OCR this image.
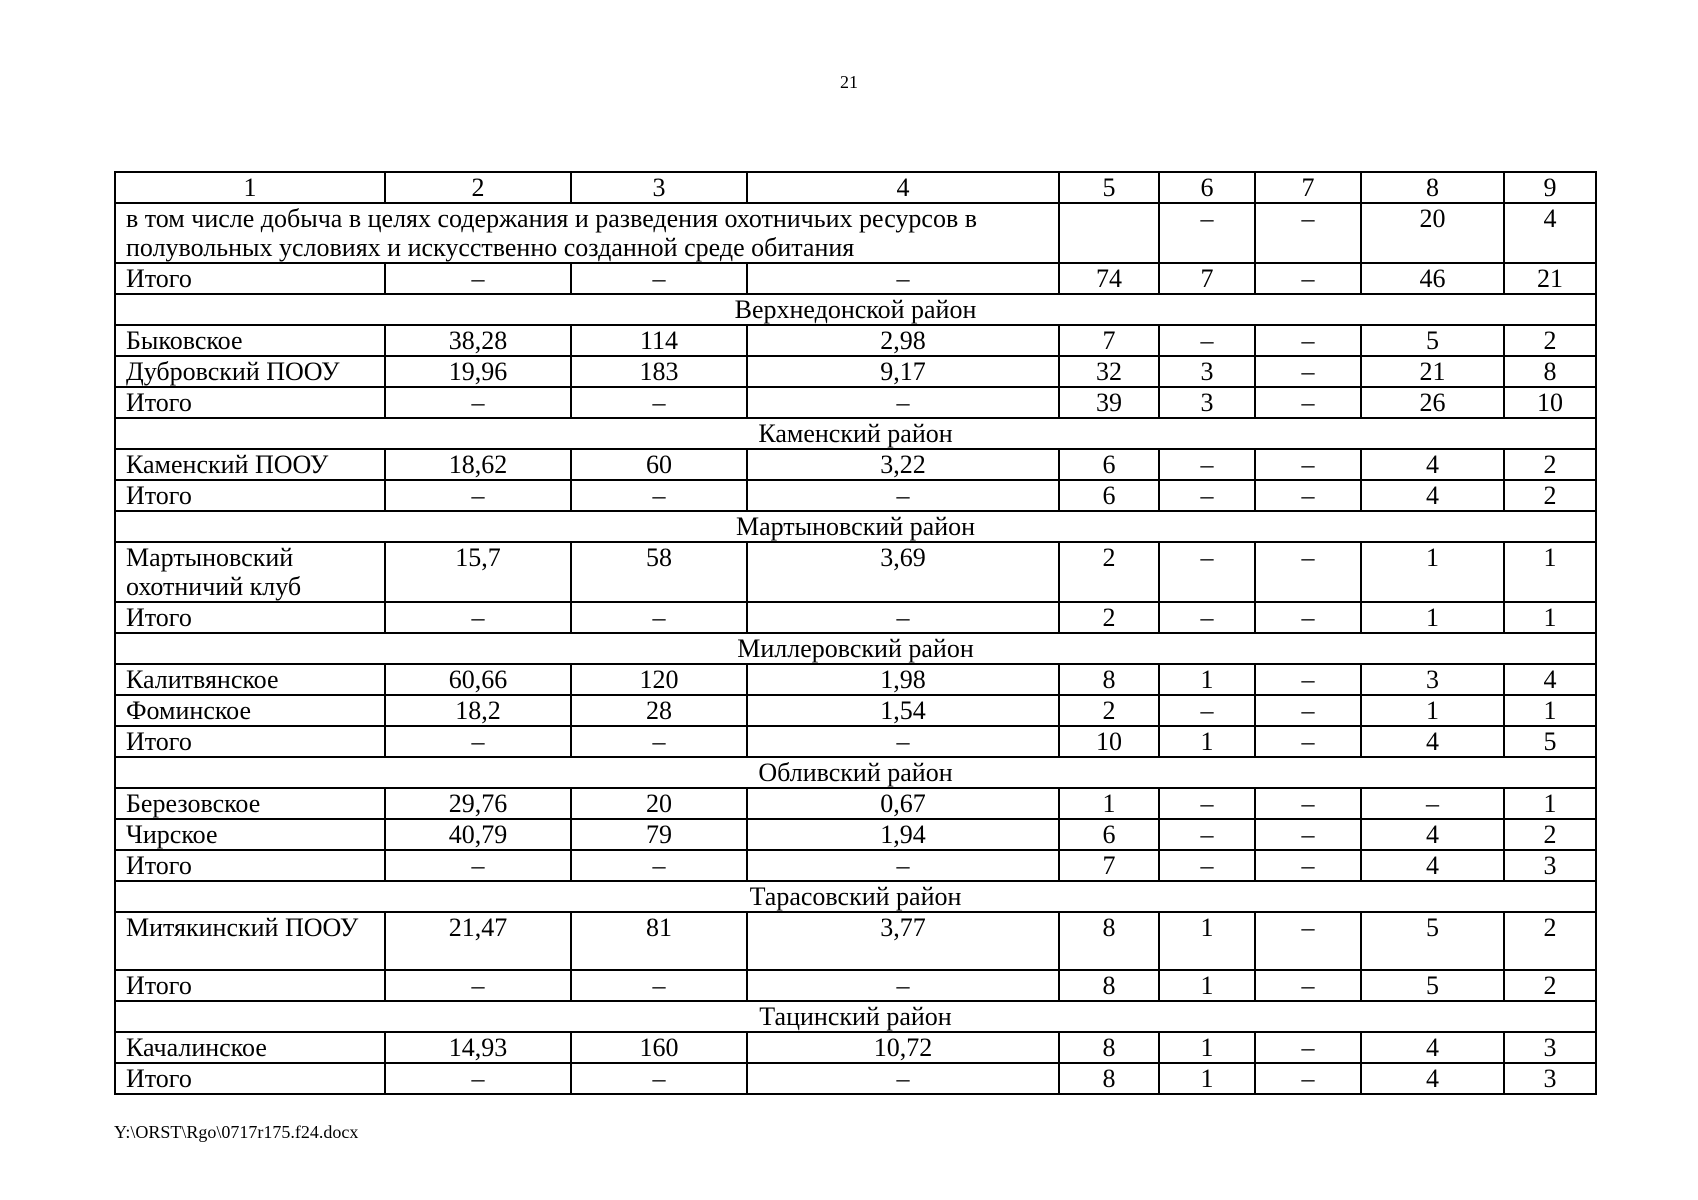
21
1	2	3	4	5	6	7	8	9
в том числе добыча в целях содержания и разведения охотничьих ресурсов в полувольных условиях и искусственно созданной среде обитания					–	–	20	4
Итого	–	–	–	74	7	–	46	21
Верхнедонской район								
Быковское	38,28	114	2,98	7	–	–	5	2
Дубровский ПООУ	19,96	183	9,17	32	3	–	21	8
Итого	–	–	–	39	3	–	26	10
Каменский район								
Каменский ПООУ	18,62	60	3,22	6	–	–	4	2
Итого	–	–	–	6	–	–	4	2
Мартыновский район								
Мартыновский охотничий клуб	15,7	58	3,69	2	–	–	1	1
Итого	–	–	–	2	–	–	1	1
Миллеровский район								
Калитвянское	60,66	120	1,98	8	1	–	3	4
Фоминское	18,2	28	1,54	2	–	–	1	1
Итого	–	–	–	10	1	–	4	5
Обливский район								
Березовское	29,76	20	0,67	1	–	–	–	1
Чирское	40,79	79	1,94	6	–	–	4	2
Итого	–	–	–	7	–	–	4	3
Тарасовский район								
Митякинский ПООУ	21,47	81	3,77	8	1	–	5	2
Итого	–	–	–	8	1	–	5	2
Тацинский район								
Качалинское	14,93	160	10,72	8	1	–	4	3
Итого	–	–	–	8	1	–	4	3
Y:\ORST\Rgo\0717r175.f24.docx
